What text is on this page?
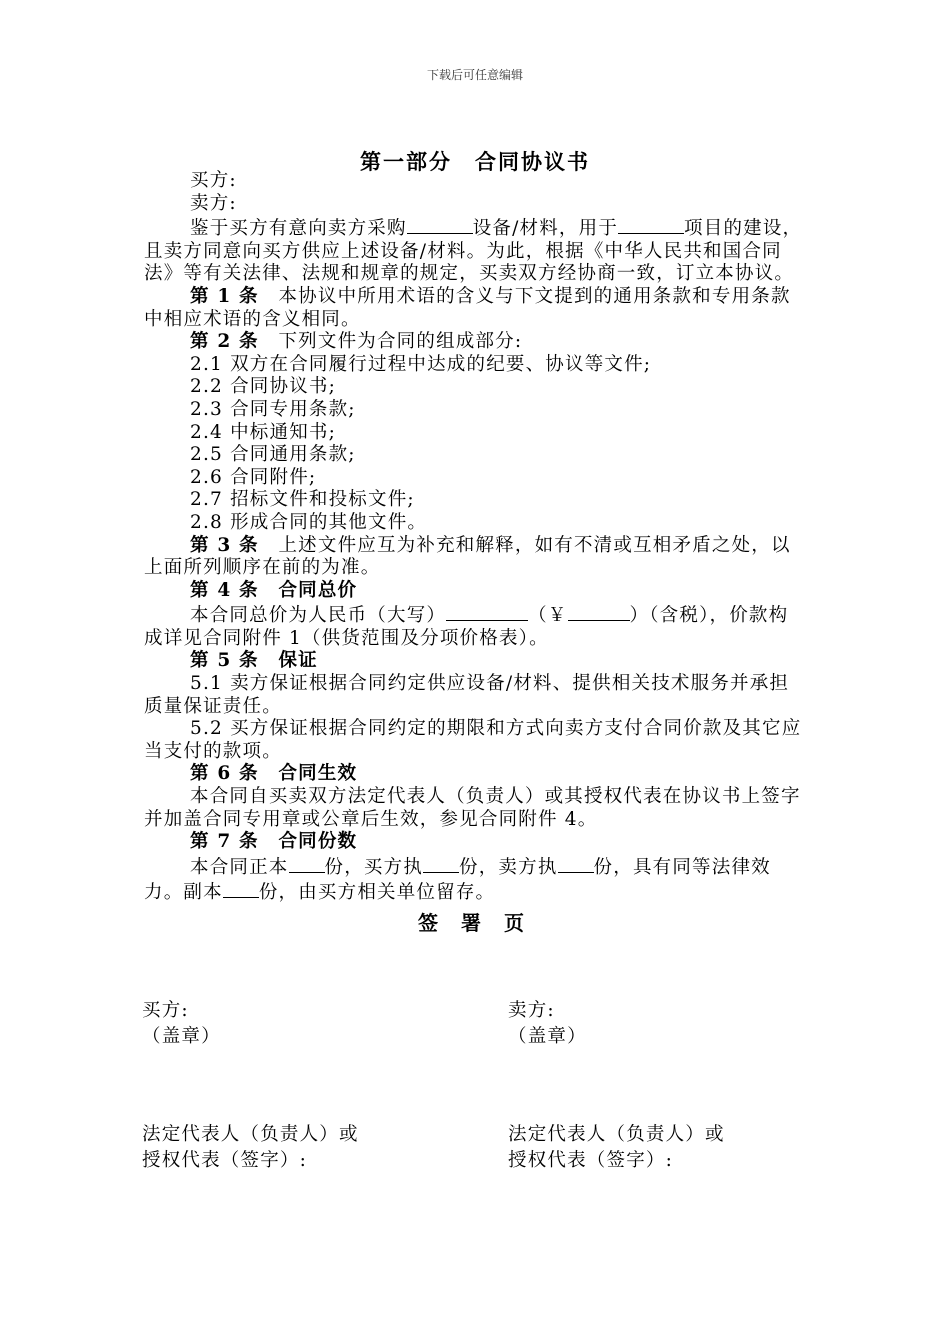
下载后可任意编辑
第一部分　合同协议书

买方:

卖方:

鉴于买方有意向卖方采购	设备/材料，用于	项目的建设，且卖方同意向买方供应上述设备/材料。为此，根据《中华人民共和国合同法》等有关法律、法规和规章的规定，买卖双方经协商一致，订立本协议。

第 1 条　本协议中所用术语的含义与下文提到的通用条款和专用条款中相应术语的含义相同。

第 2 条　下列文件为合同的组成部分:

2.1 双方在合同履行过程中达成的纪要、协议等文件;

2.2 合同协议书;

2.3 合同专用条款;

2.4 中标通知书;

2.5 合同通用条款;

2.6 合同附件;

2.7 招标文件和投标文件;

2.8 形成合同的其他文件。

第 3 条　上述文件应互为补充和解释，如有不清或互相矛盾之处，以上面所列顺序在前的为准。

第 4 条　合同总价

本合同总价为人民币（大写）	（￥	）（含税），价款构成详见合同附件 1（供货范围及分项价格表）。

第 5 条　保证

5.1 卖方保证根据合同约定供应设备/材料、提供相关技术服务并承担质量保证责任。

5.2 买方保证根据合同约定的期限和方式向卖方支付合同价款及其它应当支付的款项。

第 6 条　合同生效

本合同自买卖双方法定代表人（负责人）或其授权代表在协议书上签字并加盖合同专用章或公章后生效，参见合同附件 4。

第 7 条　合同份数

本合同正本 份，买方执 份，卖方执 份，具有同等法律效力。副本 份，由买方相关单位留存。

签 署 页
买方:
（盖章）
卖方:
（盖章）
法定代表人（负责人）或
授权代表（签字）:
法定代表人（负责人）或
授权代表（签字）:
